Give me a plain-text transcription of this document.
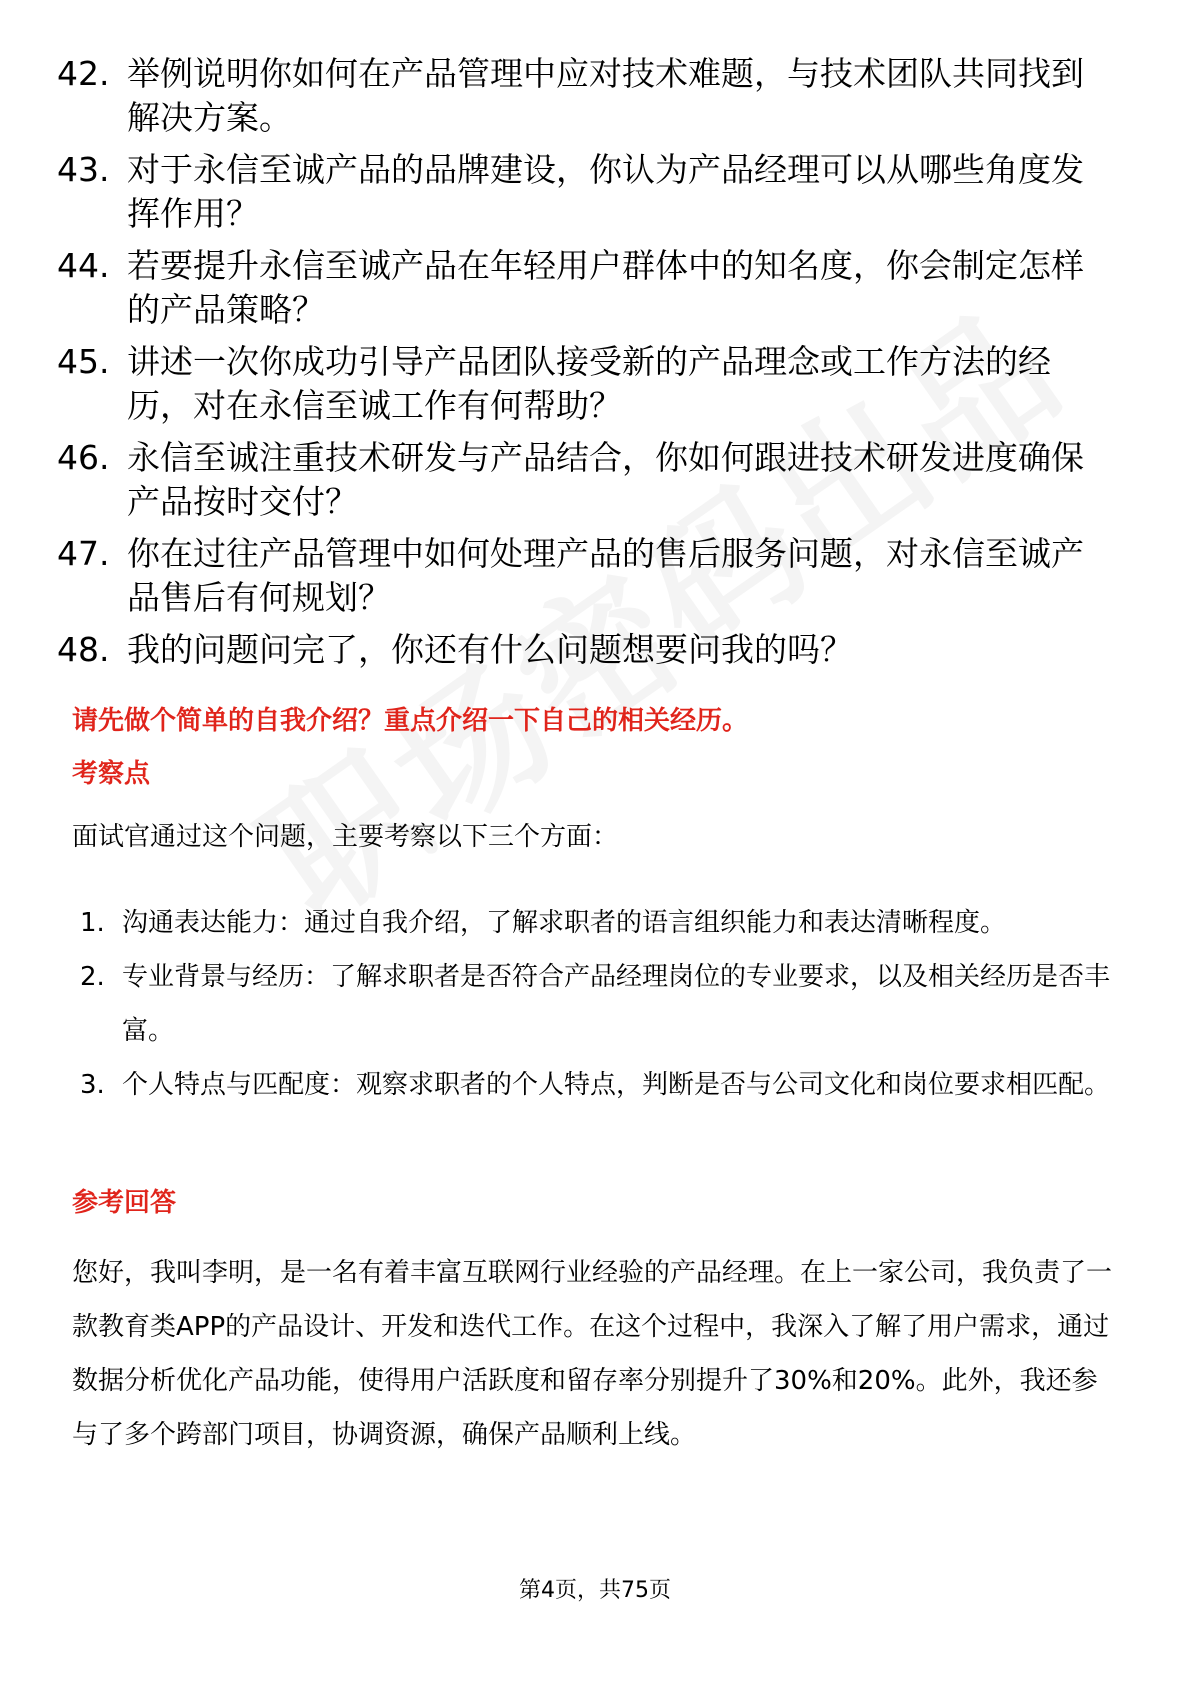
42. 举例说明你如何在产品管理中应对技术难题，与技术团队共同找到解决方案。
43. 对于永信至诚产品的品牌建设，你认为产品经理可以从哪些角度发挥作用？
44. 若要提升永信至诚产品在年轻用户群体中的知名度，你会制定怎样的产品策略？
45. 讲述一次你成功引导产品团队接受新的产品理念或工作方法的经历，对在永信至诚工作有何帮助？
46. 永信至诚注重技术研发与产品结合，你如何跟进技术研发进度确保产品按时交付？
47. 你在过往产品管理中如何处理产品的售后服务问题，对永信至诚产品售后有何规划？
48. 我的问题问完了，你还有什么问题想要问我的吗？
请先做个简单的自我介绍？重点介绍一下自己的相关经历。
考察点

面试官通过这个问题，主要考察以下三个方面：

1. 沟通表达能力：通过自我介绍，了解求职者的语言组织能力和表达清晰程度。
2. 专业背景与经历：了解求职者是否符合产品经理岗位的专业要求，以及相关经历是否丰富。
3. 个人特点与匹配度：观察求职者的个人特点，判断是否与公司文化和岗位要求相匹配。
参考回答

您好，我叫李明，是一名有着丰富互联网行业经验的产品经理。在上一家公司，我负责了一款教育类APP的产品设计、开发和迭代工作。在这个过程中，我深入了解了用户需求，通过数据分析优化产品功能，使得用户活跃度和留存率分别提升了30%和20%。此外，我还参与了多个跨部门项目，协调资源，确保产品顺利上线。

第4页，共75页
